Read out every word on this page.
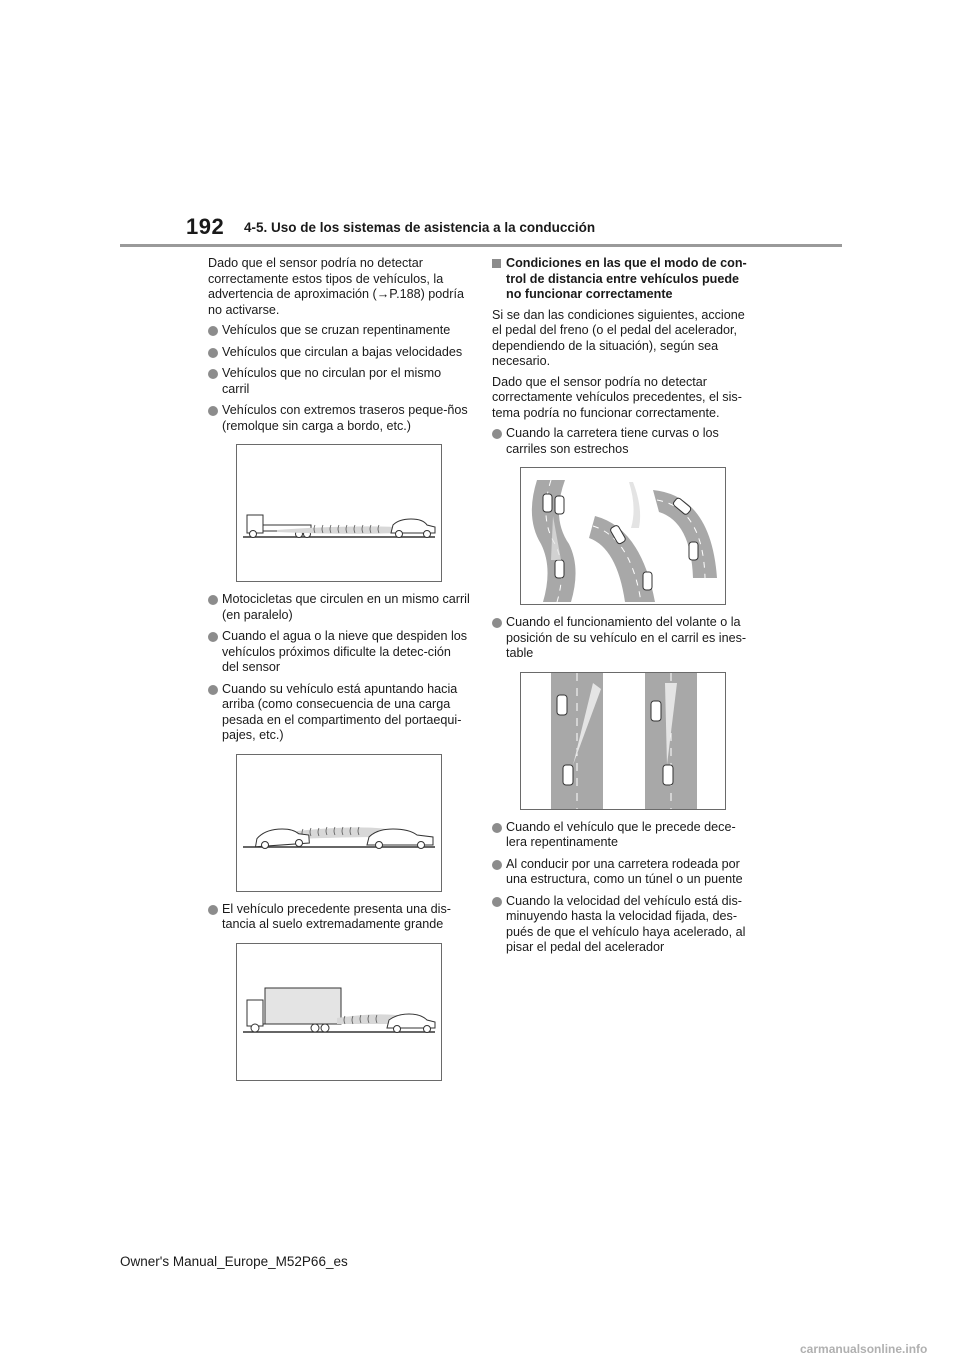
192 4-5. Uso de los sistemas de asistencia a la conducción

Dado que el sensor podría no detectar correctamente estos tipos de vehículos, la advertencia de aproximación (→P.188) podría no activarse.

Vehículos que se cruzan repentinamente
Vehículos que circulan a bajas velocidades
Vehículos que no circulan por el mismo carril
Vehículos con extremos traseros peque-ños (remolque sin carga a bordo, etc.)
Motocicletas que circulen en un mismo carril (en paralelo)
Cuando el agua o la nieve que despiden los vehículos próximos dificulte la detec-ción del sensor
Cuando su vehículo está apuntando hacia arriba (como consecuencia de una carga pesada en el compartimento del portaequi-pajes, etc.)
El vehículo precedente presenta una dis-tancia al suelo extremadamente grande
Condiciones en las que el modo de con-trol de distancia entre vehículos puede no funcionar correctamente

Si se dan las condiciones siguientes, accione el pedal del freno (o el pedal del acelerador, dependiendo de la situación), según sea necesario.

Dado que el sensor podría no detectar correctamente vehículos precedentes, el sis-tema podría no funcionar correctamente.

Cuando la carretera tiene curvas o los carriles son estrechos
Cuando el funcionamiento del volante o la posición de su vehículo en el carril es ines-table
Cuando el vehículo que le precede dece-lera repentinamente
Al conducir por una carretera rodeada por una estructura, como un túnel o un puente
Cuando la velocidad del vehículo está dis-minuyendo hasta la velocidad fijada, des-pués de que el vehículo haya acelerado, al pisar el pedal del acelerador
Owner's Manual_Europe_M52P66_es
carmanualsonline.info
